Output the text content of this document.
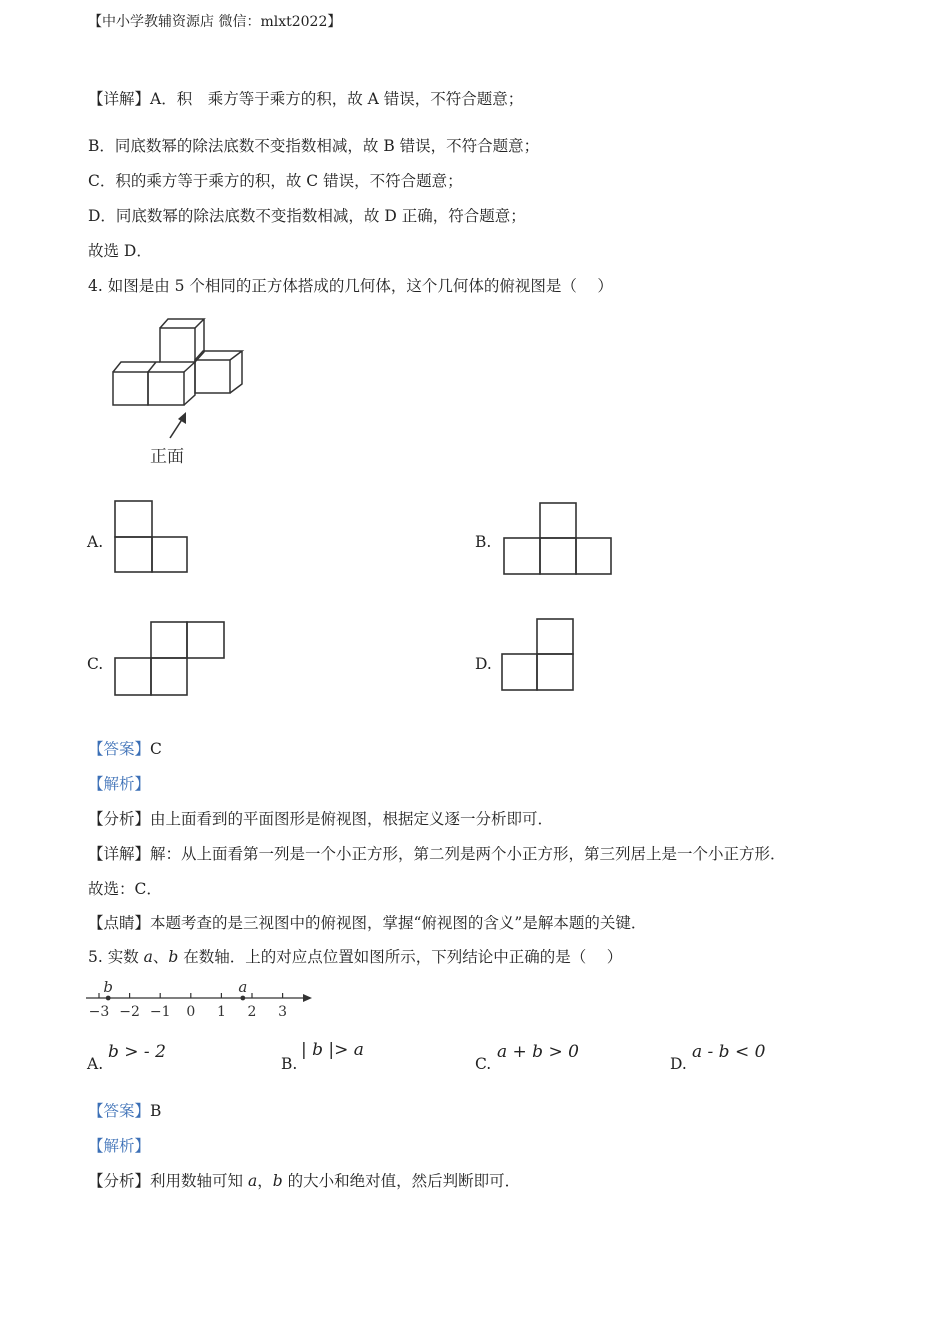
【中小学教辅资源店 微信：mlxt2022】
【详解】A．积　乘方等于乘方的积，故 A 错误，不符合题意；
B．同底数幂的除法底数不变指数相减，故 B 错误，不符合题意；
C．积的乘方等于乘方的积，故 C 错误，不符合题意；
D．同底数幂的除法底数不变指数相减，故 D 正确，符合题意；
故选 D．
4. 如图是由 5 个相同的正方体搭成的几何体，这个几何体的俯视图是（　 ）
正面
A.	B.
C.	D.
【答案】C
【解析】
【分析】由上面看到的平面图形是俯视图，根据定义逐一分析即可．
【详解】解：从上面看第一列是一个小正方形，第二列是两个小正方形，第三列居上是一个小正方形．
故选：C．
【点睛】本题考查的是三视图中的俯视图，掌握“俯视图的含义”是解本题的关键．
5. 实数 a、b 在数轴．上的对应点位置如图所示，下列结论中正确的是（　 ）
−3 −2 −1 0 1 2 3
b	a
A.
b > - 2
B.
| b |> a
C.
a + b > 0
D.
a - b < 0
【答案】B
【解析】
【分析】利用数轴可知 a，b 的大小和绝对值，然后判断即可．
